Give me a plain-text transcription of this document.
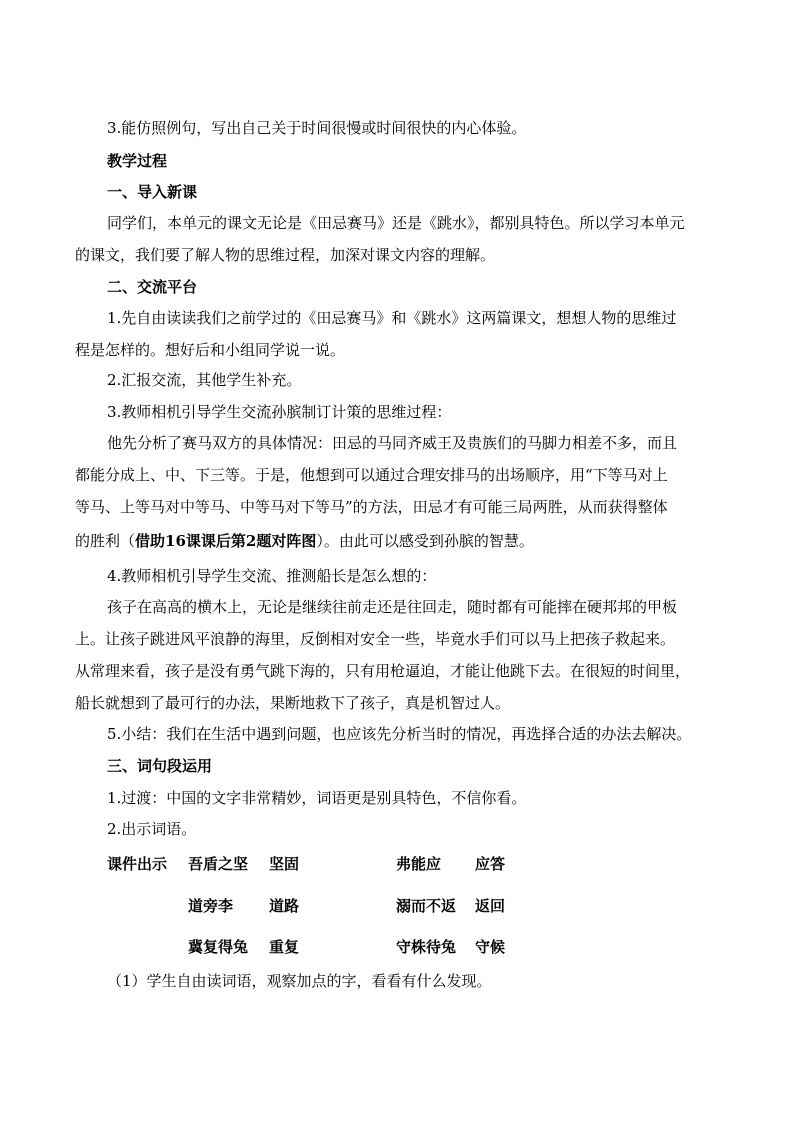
3.能仿照例句，写出自己关于时间很慢或时间很快的内心体验。
教学过程
一、导入新课
同学们，本单元的课文无论是《田忌赛马》还是《跳水》，都别具特色。所以学习本单元
的课文，我们要了解人物的思维过程，加深对课文内容的理解。
二、交流平台
1.先自由读读我们之前学过的《田忌赛马》和《跳水》这两篇课文，想想人物的思维过
程是怎样的。想好后和小组同学说一说。
2.汇报交流，其他学生补充。
3.教师相机引导学生交流孙膑制订计策的思维过程：
他先分析了赛马双方的具体情况：田忌的马同齐威王及贵族们的马脚力相差不多，而且
都能分成上、中、下三等。于是，他想到可以通过合理安排马的出场顺序，用“下等马对上
等马、上等马对中等马、中等马对下等马”的方法，田忌才有可能三局两胜，从而获得整体
的胜利（借助16课课后第2题对阵图）。由此可以感受到孙膑的智慧。
4.教师相机引导学生交流、推测船长是怎么想的：
孩子在高高的横木上，无论是继续往前走还是往回走，随时都有可能摔在硬邦邦的甲板
上。让孩子跳进风平浪静的海里，反倒相对安全一些，毕竟水手们可以马上把孩子救起来。
从常理来看，孩子是没有勇气跳下海的，只有用枪逼迫，才能让他跳下去。在很短的时间里，
船长就想到了最可行的办法，果断地救下了孩子，真是机智过人。
5.小结：我们在生活中遇到问题，也应该先分析当时的情况，再选择合适的办法去解决。
三、词句段运用
1.过渡：中国的文字非常精妙，词语更是别具特色，不信你看。
2.出示词语。
课件出示 吾盾之坚 坚固	弗能应 应答
道旁李 道路	溺而不返 返回
冀复得兔 重复	守株待兔 守候
（1）学生自由读词语，观察加点的字，看看有什么发现。
